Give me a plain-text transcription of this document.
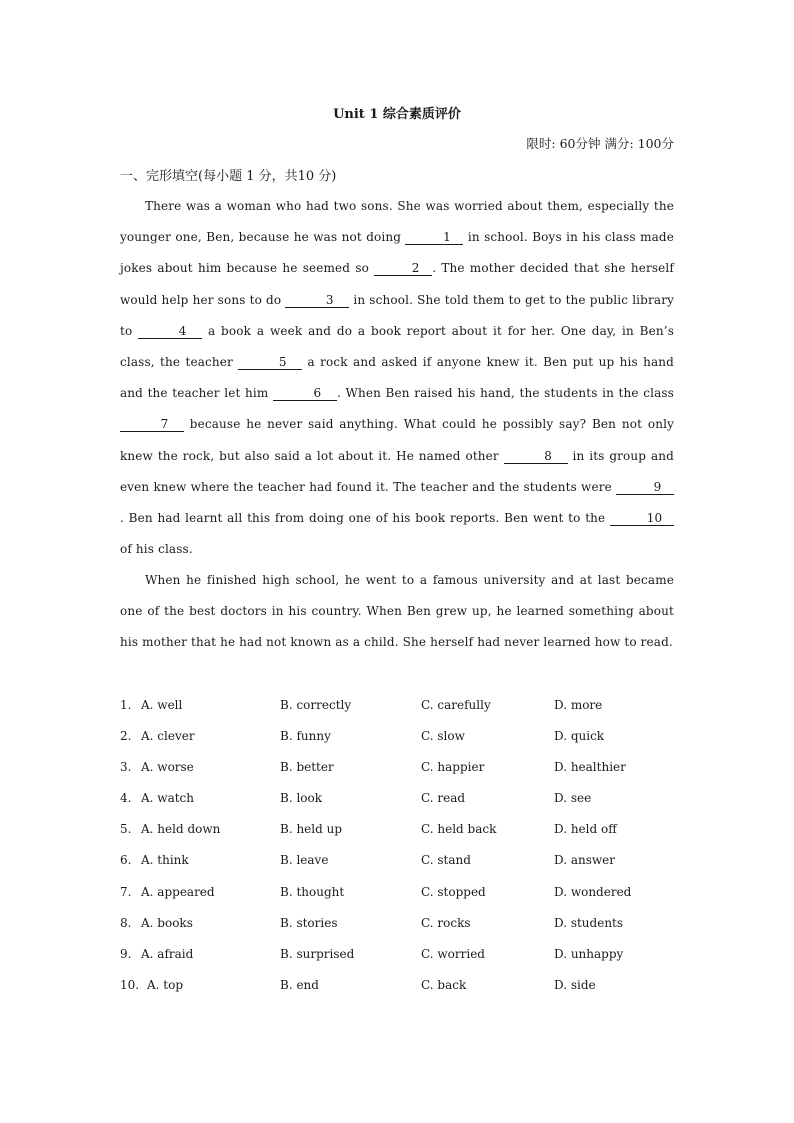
Unit 1 综合素质评价
限时: 60分钟 满分: 100分
一、完形填空(每小题 1 分，共10 分)

There was a woman who had two sons. She was worried about them, especially the younger one, Ben, because he was not doing	1 in school. Boys in his class made jokes about him because he seemed so	2 . The mother decided that she herself would help her sons to do	3 in school. She told them to get to the public library to	4 a book a week and do a book report about it for her. One day, in Ben’s class, the teacher	5 a rock and asked if anyone knew it. Ben put up his hand and the teacher let him	6 . When Ben raised his hand, the students in the class 7 because he never said anything. What could he possibly say? Ben not only knew the rock, but also said a lot about it. He named other	8 in its group and even knew where the teacher had found it. The teacher and the students were	9. Ben had learnt all this from doing one of his book reports. Ben went to the	10 of his class.

When he finished high school, he went to a famous university and at last became one of the best doctors in his country. When Ben grew up, he learned something about his mother that he had not known as a child. She herself had never learned how to read.

1. A. well	B. correctly	C. carefully	D. more
2. A. clever	B. funny	C. slow	D. quick
3. A. worse	B. better	C. happier	D. healthier
4. A. watch	B. look	C. read	D. see
5. A. held down	B. held up	C. held back	D. held off
6. A. think	B. leave	C. stand	D. answer
7. A. appeared	B. thought	C. stopped	D. wondered
8. A. books	B. stories	C. rocks	D. students
9. A. afraid	B. surprised	C. worried	D. unhappy
10. A. top	B. end	C. back	D. side
